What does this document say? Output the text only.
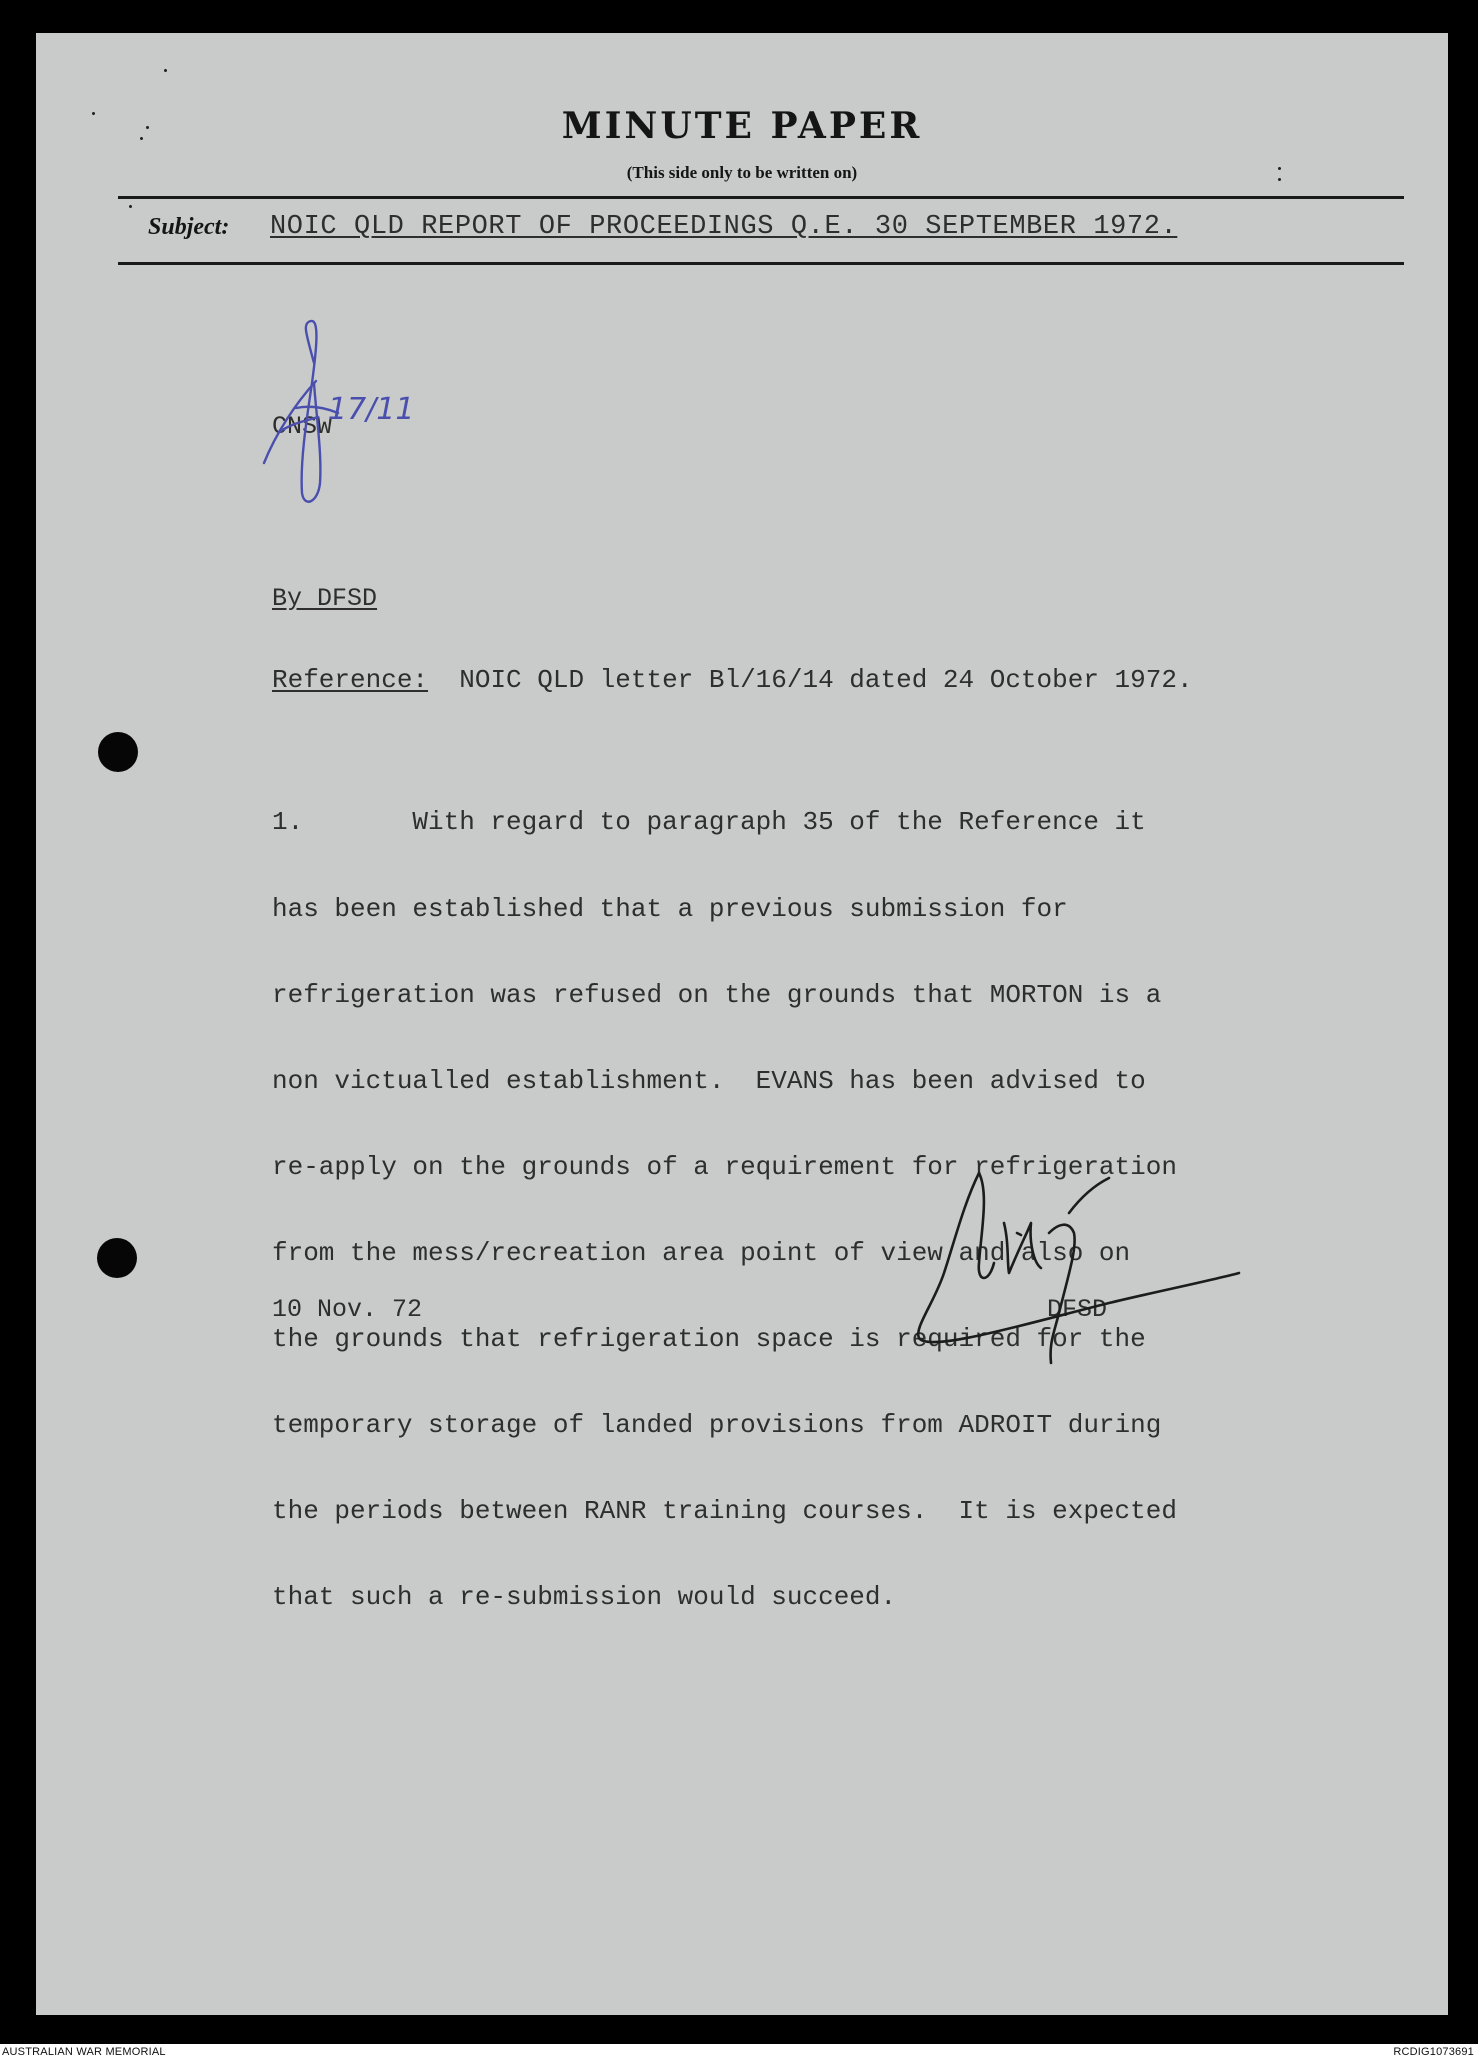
MINUTE PAPER
(This side only to be written on)
Subject: NOIC QLD REPORT OF PROCEEDINGS Q.E. 30 SEPTEMBER 1972.
CNSW
17/11
By DFSD
Reference:  NOIC QLD letter Bl/16/14 dated 24 October 1972.

1.       With regard to paragraph 35 of the Reference it

has been established that a previous submission for

refrigeration was refused on the grounds that MORTON is a

non victualled establishment.  EVANS has been advised to

re-apply on the grounds of a requirement for refrigeration

from the mess/recreation area point of view and also on

the grounds that refrigeration space is required for the

temporary storage of landed provisions from ADROIT during

the periods between RANR training courses.  It is expected

that such a re-submission would succeed.

10 Nov. 72	DFSD
AUSTRALIAN WAR MEMORIAL	RCDIG1073691
